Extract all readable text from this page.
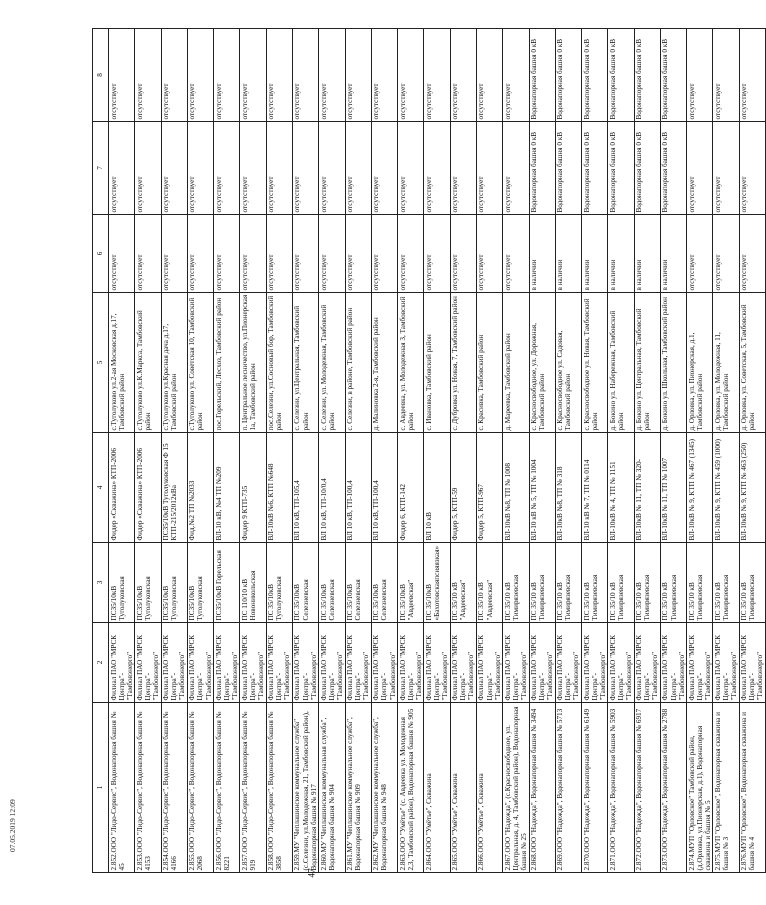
1	2	3	4	5	6	7	8
2.852.ООО "Лидо-Сервис", Водонапорная башня № 45	Филиал ПАО "МРСК Центра"-"Тамбовэнерго"	ПС35/10кВ Туголуковская	Фидер «Скважина» КТП-2006	с.Туголуково ул.2-ая Московская д.17, Тамбовский район	отсутствует	отсутствует	отсутствует
2.853.ООО "Лидо-Сервис", Водонапорная башня № 4153	Филиал ПАО "МРСК Центра"-"Тамбовэнерго"	ПС35/10кВ Туголуковская	Фидер «Скважина» КТП-2006	с.Туголуково ул.К.Маркса, Тамбовский район	отсутствует	отсутствует	отсутствует
2.854.ООО "Лидо-Сервис", Водонапорная башня № 4166	Филиал ПАО "МРСК Центра"-"Тамбовэнерго"	ПС35/10кВ Туголуковская	ПС35/10кВ Туголуковская Ф 15 КТП-215/2012кВа	с.Туголуково ул.Красная дача д.17, Тамбовский район	отсутствует	отсутствует	отсутствует
2.855.ООО "Лидо-Сервис", Водонапорная башня № 2068	Филиал ПАО "МРСК Центра"-"Тамбовэнерго"	ПС35/10кВ Туголуковская	Фид.№2 ТП №2033	с.Туголуково ул. Советская 10, Тамбовский район	отсутствует	отсутствует	отсутствует
2.856.ООО "Лидо-Сервис", Водонапорная башня № 8221	Филиал ПАО "МРСК Центра"-"Тамбовэнерго"	ПС35/10кВ Горельская	ВЛ-10 кВ, №4 ТП №209	пос.Горельский, Лесхоз, Тамбовский район	отсутствует	отсутствует	отсутствует
2.857.ООО "Лидо-Сервис", Водонапорная башня № 919	Филиал ПАО "МРСК Центра"-"Тамбовэнерго"	ПС 110/10 кВ Новоникольская	Фидер 9 КТП-735	п. Центральное лесничество, ул.Пионерская 1а, Тамбовский район	отсутствует	отсутствует	отсутствует
2.858.ООО "Лидо-Сервис", Водонапорная башня № 3858	Филиал ПАО "МРСК Центра"-"Тамбовэнерго"	ПС 35/10кВ Туголуковская	ВЛ-10кВ №6, КТП №648	пос.Селезни, ул.Сосновый бор, Тамбовский район	отсутствует	отсутствует	отсутствует
2.859.МУ "Чеплашинское коммунальное служба" (с.Селезни, ул.Молодежная, 21, Тамбовский район), Водонапорная башня № 917	Филиал ПАО "МРСК Центра"-"Тамбовэнерго"	ПС 35/10кВ Селезневская	ВЛ 10 кВ, ТП-105,4	с. Селезни, ул.Центральная, Тамбовский район	отсутствует	отсутствует	отсутствует
2.860.МУ "Чеплашинская коммунальная служба", Водонапорная башня № 904	Филиал ПАО "МРСК Центра"-"Тамбовэнерго"	ПС 35/10кВ Селезневская	ВЛ 10 кВ, ТП-10/0,4	с. Селезни, ул. Молодежная, Тамбовский район	отсутствует	отсутствует	отсутствует
2.861.МУ "Чеплашинское коммунальное служба", Водонапорная башня № 909	Филиал ПАО "МРСК Центра"-"Тамбовэнерго"	ПС 35/10кВ Селезневская	ВЛ 10 кВ, ТП-100,4	с. Селезни, в районе, Тамбовский район	отсутствует	отсутствует	отсутствует
2.862.МУ "Чеплашинское коммунальное служба", Водонапорная башня № 948	Филиал ПАО "МРСК Центра"-"Тамбовэнерго"	ПС 35/10кВ Селезневская	ВЛ 10 кВ, ТП-100,4	д. Малиновка 2-я, Тамбовский район	отсутствует	отсутствует	отсутствует
2.863.ООО "Умётье" (с. Авдеевка ул. Молодежная 2,3, Тамбовский район), Водонапорная башня № 905	Филиал ПАО "МРСК Центра"-"Тамбовэнерго"	ПС 35/10кВ "Авдеевская"	Фидер 6, КТП-142	с. Авдеевка, ул. Молодежная 3, Тамбовский район	отсутствует	отсутствует	отсутствует
2.864.ООО "Умётье", Скважина	Филиал ПАО "МРСК Центра"-"Тамбовэнерго"	ПС 35/10кВ «Бахотовскаяпсияязкая»	ВЛ 10 кВ	с. Ивановка, Тамбовский район	отсутствует	отсутствует	отсутствует
2.865.ООО "Умётье", Скважина	Филиал ПАО "МРСК Центра"-"Тамбовэнерго"	ПС 35/10 кВ "Авдеевская"	Фидер 5, КТП-59	с. Дубровка ул. Новая, 7, Тамбовский район	отсутствует	отсутствует	отсутствует
2.866.ООО "Умётье", Скважина	Филиал ПАО "МРСК Центра"-"Тамбовэнерго"	ПС 35/10 кВ "Авдеевская"	Фидер 5, КТП-967	с. Красивка, Тамбовский район	отсутствует	отсутствует	отсутствует
2.867.ООО "Надежда", (с.Красносвободное, ул. Центральная, д. 4, Тамбовский район), Водонапорная башня № 25	Филиал ПАО "МРСК Центра"-"Тамбовэнерго"	ПС 35/10 кВ Тимирязевская	ВЛ-10кВ №8, ТП № 1008	д. Мареевка, Тамбовский район	отсутствует	отсутствует	отсутствует
2.868.ООО "Надежда", Водонапорная башня № 3494	Филиал ПАО "МРСК Центра"-"Тамбовэнерго"	ПС 35/10 кВ Тимирязевская	ВЛ-10 кВ № 5, ТП № 1004	с. Красносвободное, ул. Дорожная, Тамбовский район	в наличии	Водонапорная башня 0 кВ	Водонапорная башня 0 кВ
2.869.ООО "Надежда", Водонапорная башня № 5713	Филиал ПАО "МРСК Центра"-"Тамбовэнерго"	ПС 35/10 кВ Тимирязевская	ВЛ-10кВ №8, ТП № 318	с. Красносвободное ул. Садовая, Тамбовский район	в наличии	Водонапорная башня 0 кВ	Водонапорная башня 0 кВ
2.870.ООО "Надежда", Водонапорная башня № 6149	Филиал ПАО "МРСК Центра"-"Тамбовэнерго"	ПС 35/10 кВ Тимирязевская	ВЛ-10 кВ № 7, ТП № 0114	с. Красносвободное ул. Новая, Тамбовский район	в наличии	Водонапорная башня 0 кВ	Водонапорная башня 0 кВ
2.871.ООО "Надежда", Водонапорная башня № 5903	Филиал ПАО "МРСК Центра"-"Тамбовэнерго"	ПС 35/10 кВ Тимирязевская	ВЛ-10кВ № 4, ТП № 1151	д. Бокино ул. Набережная, Тамбовский район	в наличии	Водонапорная башня 0 кВ	Водонапорная башня 0 кВ
2.872.ООО "Надежда", Водонапорная башня № 6917	Филиал ПАО "МРСК Центра"-"Тамбовэнерго"	ПС 35/10 кВ Тимирязевская	ВЛ-10кВ № 11, ТП № 320-	д. Бокино ул. Центральная, Тамбовский район	в наличии	Водонапорная башня 0 кВ	Водонапорная башня 0 кВ
2.873.ООО "Надежда", Водонапорная башня № 2788	Филиал ПАО "МРСК Центра"-"Тамбовэнерго"	ПС 35/10 кВ Тимирязевская	ВЛ-10кВ № 11, ТП № 1007	д. Бокино ул. Школьная, Тамбовский район	в наличии	Водонапорная башня 0 кВ	Водонапорная башня 0 кВ
2.874.МУП "Орловское" Тамбовский район, (д.Орловка, ул.Пионерская, д.1), Водонапорная скважина и башня № 5	Филиал ПАО "МРСК Центра"-"Тамбовэнерго"	ПС 35/10 кВ Тимирязевская	ВЛ-10кВ № 9, КТП № 467 (1345)	д. Орловка, ул. Пионерская, д.1, Тамбовский район	отсутствует	отсутствует	отсутствует
2.875.МУП "Орловское", Водонапорная скважина и башня № 3	Филиал ПАО "МРСК Центра"-"Тамбовэнерго"	ПС 35/10 кВ Тимирязевская	ВЛ-10кВ № 9, КТП № 459 (1000)	д. Орловка, ул. Молодежная, 11, Тамбовский район	отсутствует	отсутствует	отсутствует
2.876.МУП "Орловское", Водонапорная скважина и башня № 4	Филиал ПАО "МРСК Центра"-"Тамбовэнерго"	ПС 35/10 кВ Тимирязевская	ВЛ-10кВ № 9, КТП № 463 (250)	д. Орловка, ул. Советская, 5, Тамбовский район	отсутствует	отсутствует	отсутствует
47
07.05.2019 12:09
